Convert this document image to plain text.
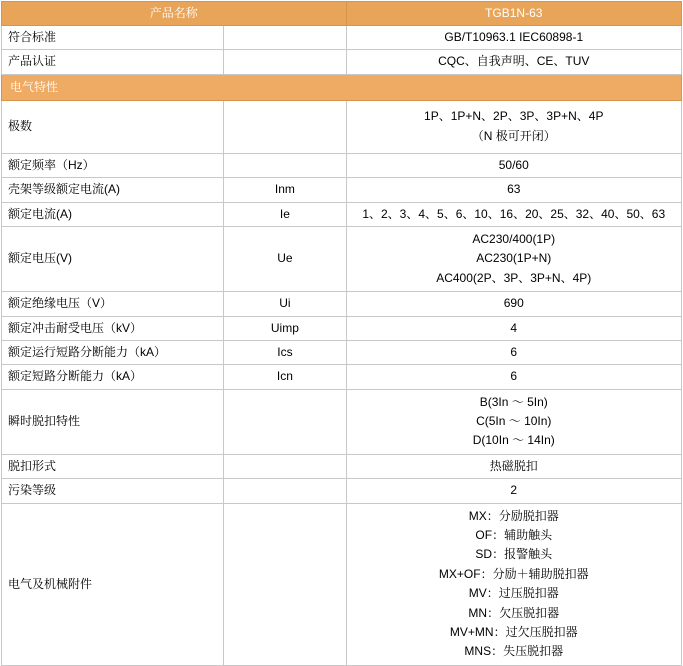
产品名称		TGB1N-63
符合标准		GB/T10963.1 IEC60898-1
产品认证		CQC、自我声明、CE、TUV
电气特性		
极数		1P、1P+N、2P、3P、3P+N、4P
（N 极可开闭）

额定频率（Hz）		50/60
壳架等级额定电流(A)	Inm	63
额定电流(A)	Ie	1、2、3、4、5、6、10、16、20、25、32、40、50、63
额定电压(V)	Ue	AC230/400(1P)
AC230(1P+N)
AC400(2P、3P、3P+N、4P)

额定绝缘电压（V）	Ui	690
额定冲击耐受电压（kV）	Uimp	4
额定运行短路分断能力（kA）	Ics	6
额定短路分断能力（kA）	Icn	6
瞬时脱扣特性		B(3In ～ 5In)
C(5In ～ 10In)
D(10In ～ 14In)

脱扣形式		热磁脱扣
污染等级		2
电气及机械附件		
MX：分励脱扣器
OF：辅助触头
SD：报警触头
MX+OF：分励＋辅助脱扣器
MV：过压脱扣器
MN：欠压脱扣器
MV+MN：过欠压脱扣器
MNS：失压脱扣器
